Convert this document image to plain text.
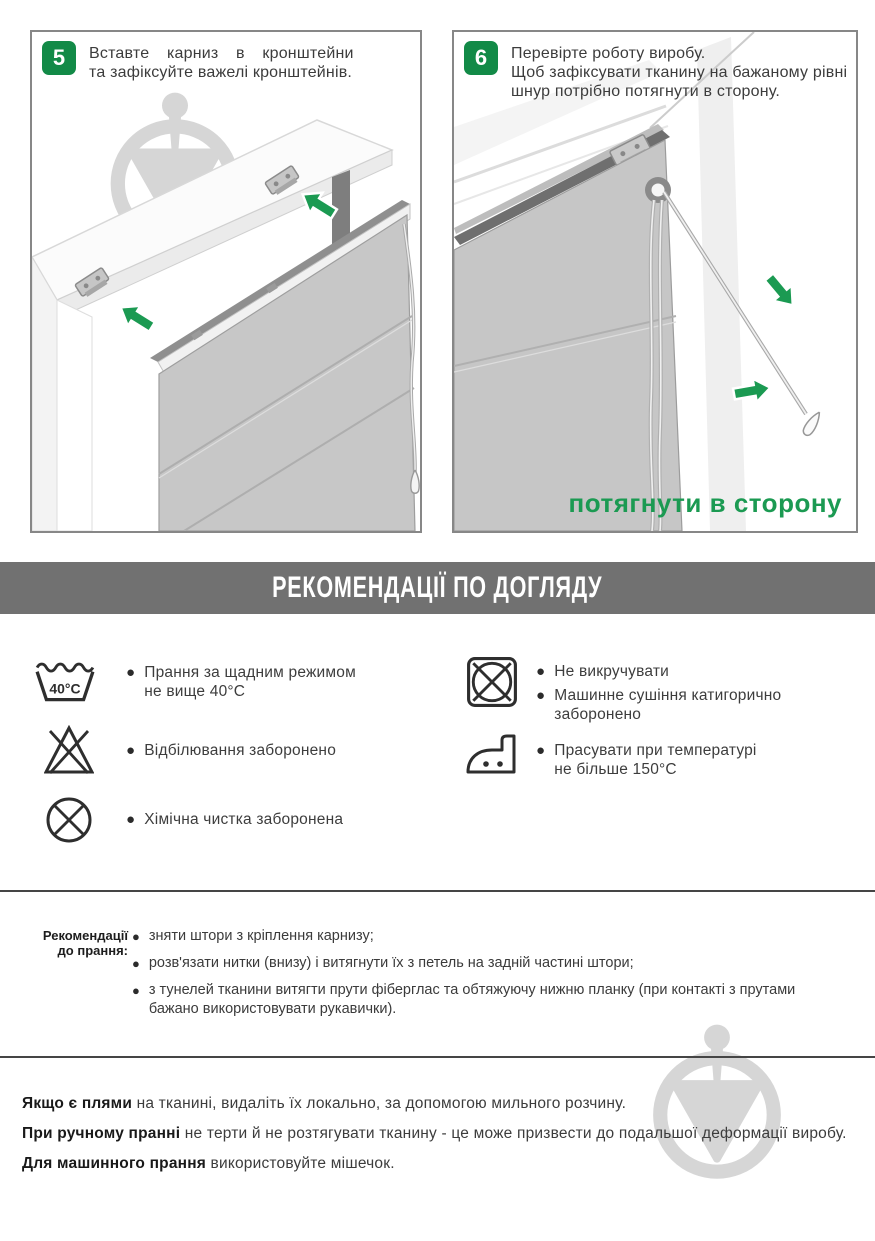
5	Вставте карниз в кронштейни
та зафіксуйте важелі кронштейнів.
6	Перевірте роботу виробу.
Щоб зафіксувати тканину на бажаному рівні
шнур потрібно потягнути в сторону.
потягнути в сторону
РЕКОМЕНДАЦІЇ ПО ДОГЛЯДУ
40°C
● Прання за щадним режимом
не вище 40°C
● Відбілювання заборонено
● Хімічна чистка заборонена
● Не викручувати
● Машинне сушіння катигорично
заборонено
● Прасувати при температурі
не більше 150°C
Рекомендації
до прання:
● зняти штори з кріплення карнизу;
● розв'язати нитки (внизу) і витягнути їх з петель на задній частині штори;
● з тунелей тканини витягти прути фіберглас та обтяжуючу нижню планку (при контакті з прутами бажано використовувати рукавички).
Якщо є плями на тканині, видаліть їх локально, за допомогою мильного розчину.
При ручному пранні не терти й не розтягувати тканину - це може призвести до подальшої деформації виробу.
Для машинного прання використовуйте мішечок.
